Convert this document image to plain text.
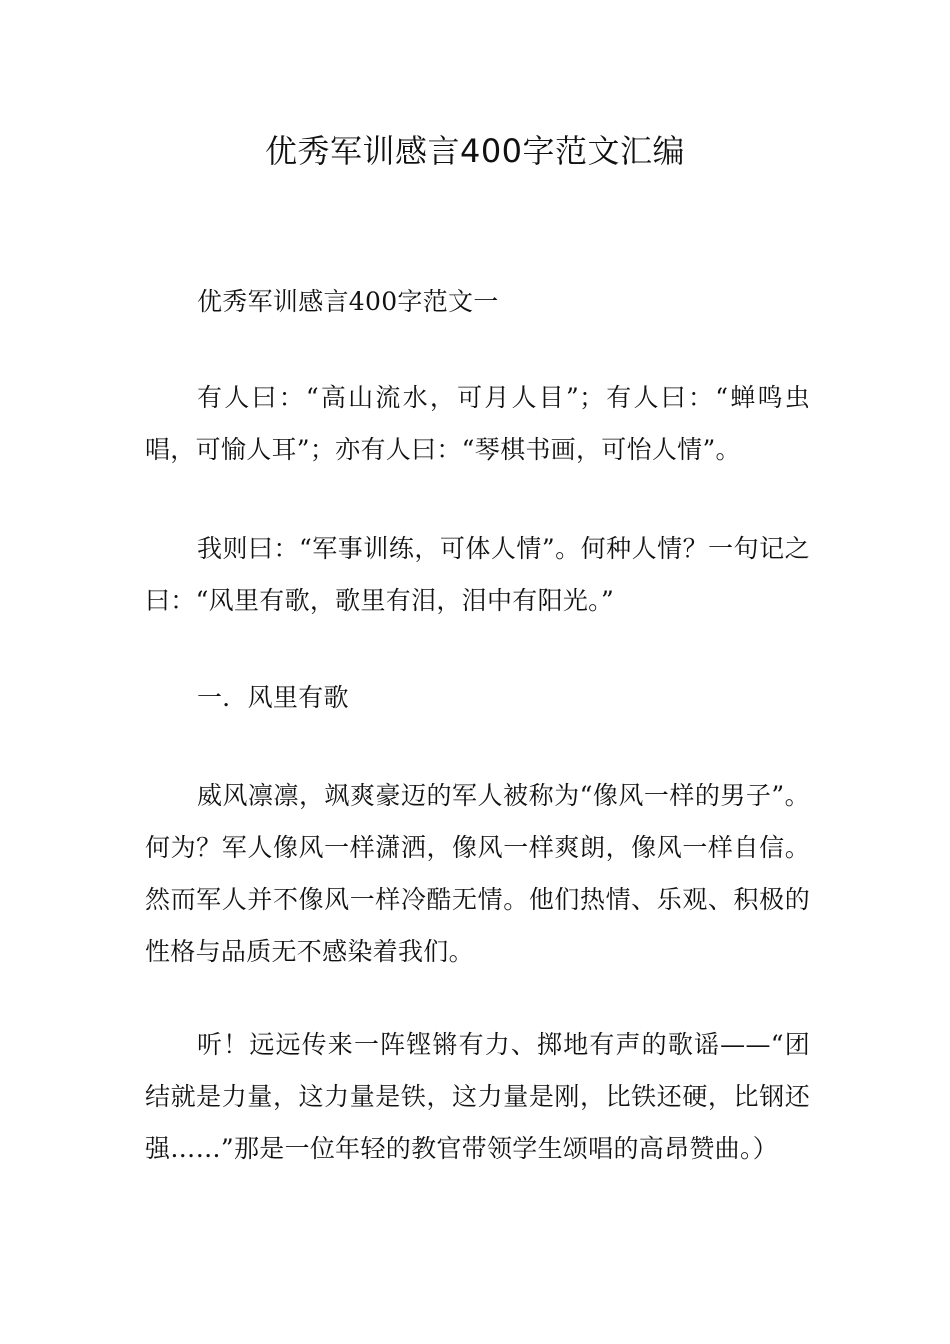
优秀军训感言400字范文汇编

优秀军训感言400字范文一

有人曰：“高山流水，可月人目”；有人曰：“蝉鸣虫唱，可愉人耳”；亦有人曰：“琴棋书画，可怡人情”。

我则曰：“军事训练，可体人情”。何种人情？一句记之曰：“风里有歌，歌里有泪，泪中有阳光。”

一．风里有歌

威风凛凛，飒爽豪迈的军人被称为“像风一样的男子”。何为？军人像风一样潇洒，像风一样爽朗，像风一样自信。然而军人并不像风一样冷酷无情。他们热情、乐观、积极的性格与品质无不感染着我们。

听！远远传来一阵铿锵有力、掷地有声的歌谣——“团结就是力量，这力量是铁，这力量是刚，比铁还硬，比钢还强……”那是一位年轻的教官带领学生颂唱的高昂赞曲。）
